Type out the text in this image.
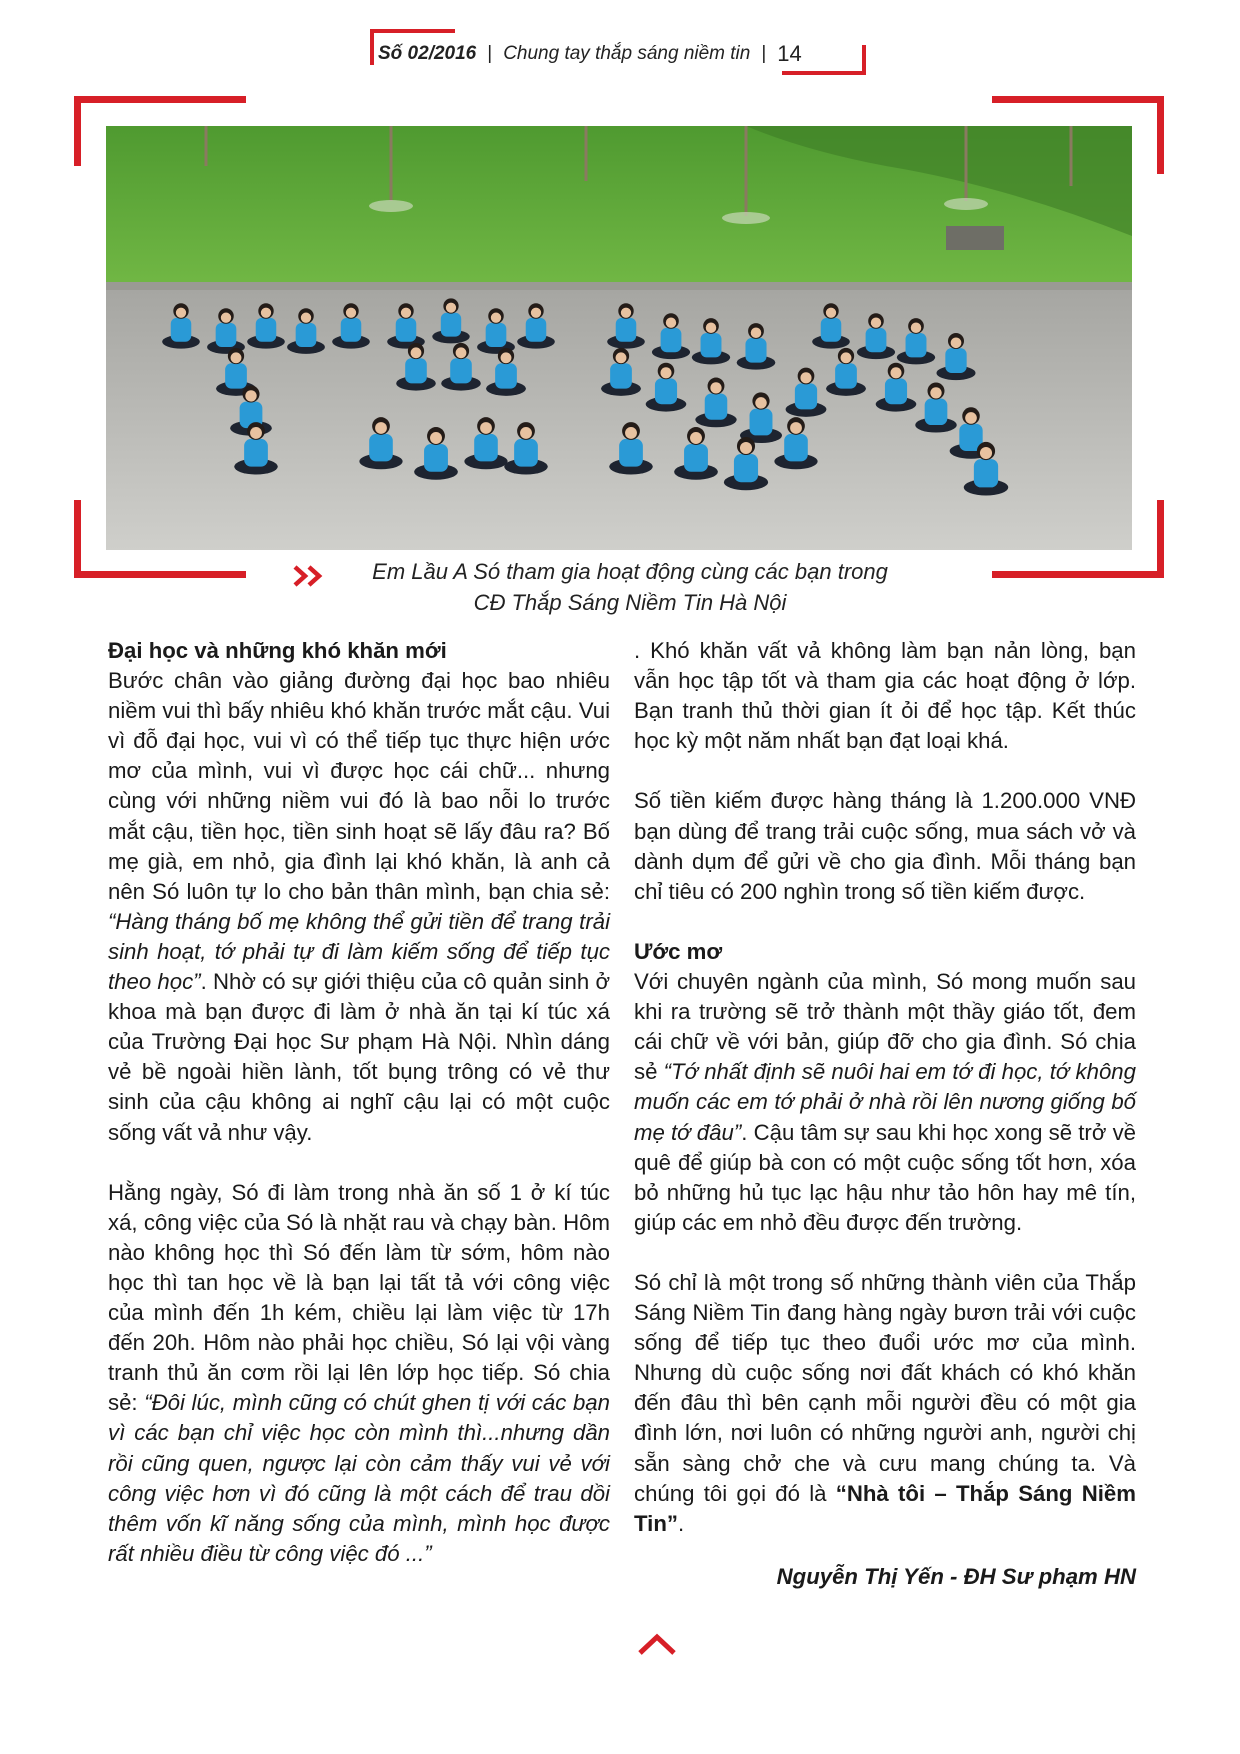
Số 02/2016 | Chung tay thắp sáng niềm tin | 14
Em Lầu A Só tham gia hoạt động cùng các bạn trong
CĐ Thắp Sáng Niềm Tin Hà Nội
Đại học và những khó khăn mới

Bước chân vào giảng đường đại học bao nhiêu niềm vui thì bấy nhiêu khó khăn trước mắt cậu. Vui vì đỗ đại học, vui vì có thể tiếp tục thực hiện ước mơ của mình, vui vì được học cái chữ... nhưng cùng với những niềm vui đó là bao nỗi lo trước mắt cậu, tiền học, tiền sinh hoạt sẽ lấy đâu ra? Bố mẹ già, em nhỏ, gia đình lại khó khăn, là anh cả nên Só luôn tự lo cho bản thân mình, bạn chia sẻ: “Hàng tháng bố mẹ không thể gửi tiền để trang trải sinh hoạt, tớ phải tự đi làm kiếm sống để tiếp tục theo học”. Nhờ có sự giới thiệu của cô quản sinh ở khoa mà bạn được đi làm ở nhà ăn tại kí túc xá của Trường Đại học Sư phạm Hà Nội. Nhìn dáng vẻ bề ngoài hiền lành, tốt bụng trông có vẻ thư sinh của cậu không ai nghĩ cậu lại có một cuộc sống vất vả như vậy.

Hằng ngày, Só đi làm trong nhà ăn số 1 ở kí túc xá, công việc của Só là nhặt rau và chạy bàn. Hôm nào không học thì Só đến làm từ sớm, hôm nào học thì tan học về là bạn lại tất tả với công việc của mình đến 1h kém, chiều lại làm việc từ 17h đến 20h. Hôm nào phải học chiều, Só lại vội vàng tranh thủ ăn cơm rồi lại lên lớp học tiếp. Só chia sẻ: “Đôi lúc, mình cũng có chút ghen tị với các bạn vì các bạn chỉ việc học còn mình thì...nhưng dần rồi cũng quen, ngược lại còn cảm thấy vui vẻ với công việc hơn vì đó cũng là một cách để trau dồi thêm vốn kĩ năng sống của mình, mình học được rất nhiều điều từ công việc đó ...”

. Khó khăn vất vả không làm bạn nản lòng, bạn vẫn học tập tốt và tham gia các hoạt động ở lớp. Bạn tranh thủ thời gian ít ỏi để học tập. Kết thúc học kỳ một năm nhất bạn đạt loại khá.

Số tiền kiếm được hàng tháng là 1.200.000 VNĐ bạn dùng để trang trải cuộc sống, mua sách vở và dành dụm để gửi về cho gia đình. Mỗi tháng bạn chỉ tiêu có 200 nghìn trong số tiền kiếm được.

Ước mơ

Với chuyên ngành của mình, Só mong muốn sau khi ra trường sẽ trở thành một thầy giáo tốt, đem cái chữ về với bản, giúp đỡ cho gia đình. Só chia sẻ “Tớ nhất định sẽ nuôi hai em tớ đi học, tớ không muốn các em tớ phải ở nhà rồi lên nương giống bố mẹ tớ đâu”. Cậu tâm sự sau khi học xong sẽ trở về quê để giúp bà con có một cuộc sống tốt hơn, xóa bỏ những hủ tục lạc hậu như tảo hôn hay mê tín, giúp các em nhỏ đều được đến trường.

Só chỉ là một trong số những thành viên của Thắp Sáng Niềm Tin đang hàng ngày bươn trải với cuộc sống để tiếp tục theo đuổi ước mơ của mình. Nhưng dù cuộc sống nơi đất khách có khó khăn đến đâu thì bên cạnh mỗi người đều có một gia đình lớn, nơi luôn có những người anh, người chị sẵn sàng chở che và cưu mang chúng ta. Và chúng tôi gọi đó là “Nhà tôi – Thắp Sáng Niềm Tin”.

Nguyễn Thị Yến - ĐH Sư phạm HN
